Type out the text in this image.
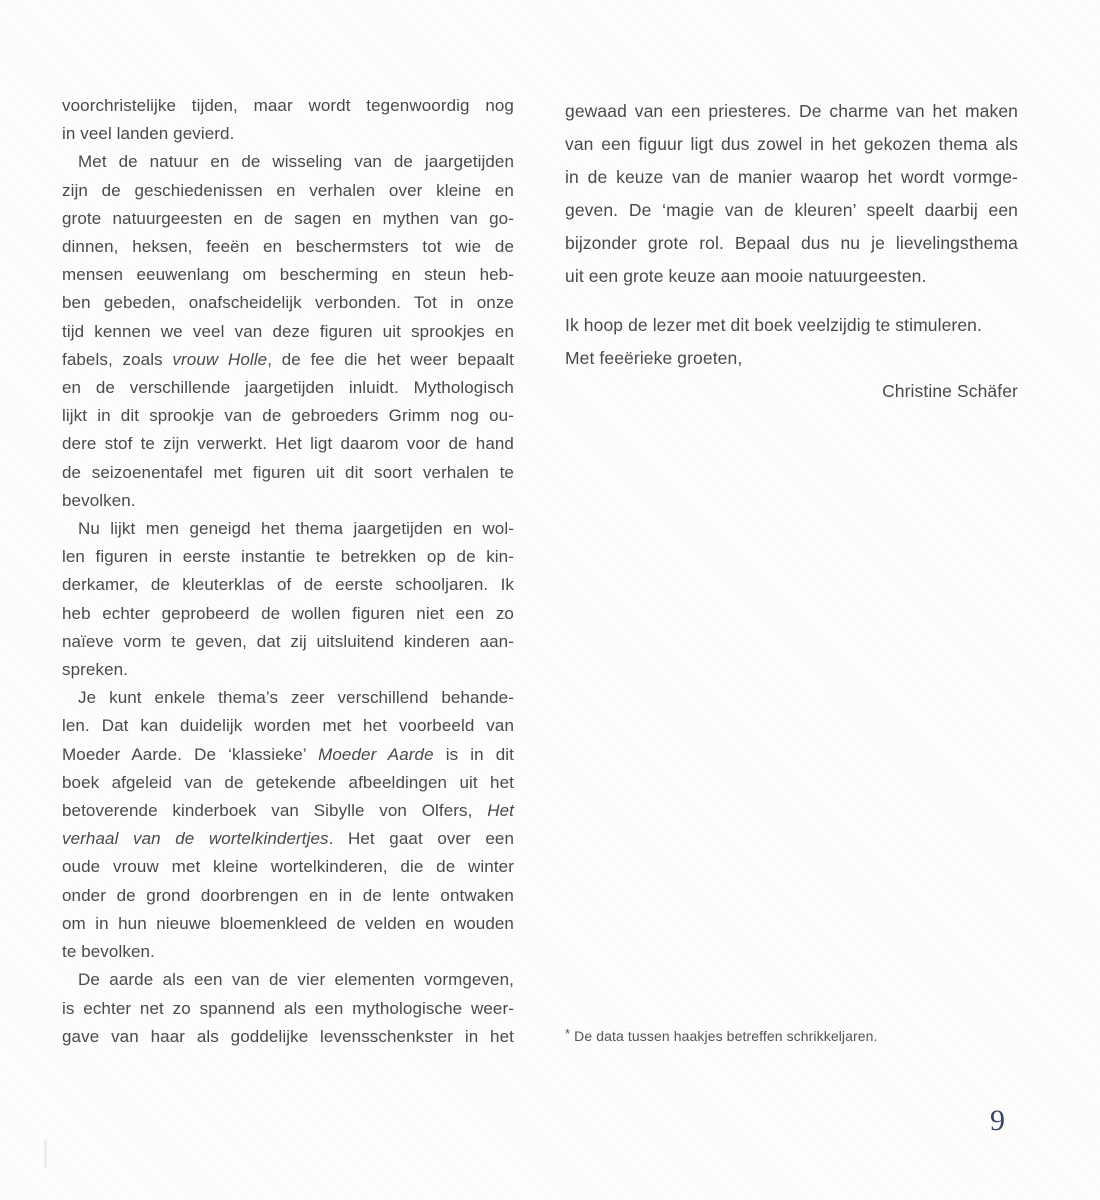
voorchristelijke tijden, maar wordt tegenwoordig nog
in veel landen gevierd.
Met de natuur en de wisseling van de jaargetijden
zijn de geschiedenissen en verhalen over kleine en
grote natuurgeesten en de sagen en mythen van go-
dinnen, heksen, feeën en beschermsters tot wie de
mensen eeuwenlang om bescherming en steun heb-
ben gebeden, onafscheidelijk verbonden. Tot in onze
tijd kennen we veel van deze figuren uit sprookjes en
fabels, zoals vrouw Holle, de fee die het weer bepaalt
en de verschillende jaargetijden inluidt. Mythologisch
lijkt in dit sprookje van de gebroeders Grimm nog ou-
dere stof te zijn verwerkt. Het ligt daarom voor de hand
de seizoenentafel met figuren uit dit soort verhalen te
bevolken.
Nu lijkt men geneigd het thema jaargetijden en wol-
len figuren in eerste instantie te betrekken op de kin-
derkamer, de kleuterklas of de eerste schooljaren. Ik
heb echter geprobeerd de wollen figuren niet een zo
naïeve vorm te geven, dat zij uitsluitend kinderen aan-
spreken.
Je kunt enkele thema’s zeer verschillend behande-
len. Dat kan duidelijk worden met het voorbeeld van
Moeder Aarde. De ‘klassieke’ Moeder Aarde is in dit
boek afgeleid van de getekende afbeeldingen uit het
betoverende kinderboek van Sibylle von Olfers, Het
verhaal van de wortelkindertjes. Het gaat over een
oude vrouw met kleine wortelkinderen, die de winter
onder de grond doorbrengen en in de lente ontwaken
om in hun nieuwe bloemenkleed de velden en wouden
te bevolken.
De aarde als een van de vier elementen vormgeven,
is echter net zo spannend als een mythologische weer-
gave van haar als goddelijke levensschenkster in het
gewaad van een priesteres. De charme van het maken
van een figuur ligt dus zowel in het gekozen thema als
in de keuze van de manier waarop het wordt vormge-
geven. De ‘magie van de kleuren’ speelt daarbij een
bijzonder grote rol. Bepaal dus nu je lievelingsthema
uit een grote keuze aan mooie natuurgeesten.

Ik hoop de lezer met dit boek veelzijdig te stimuleren.
Met feeërieke groeten,
Christine Schäfer
* De data tussen haakjes betreffen schrikkeljaren.
9
